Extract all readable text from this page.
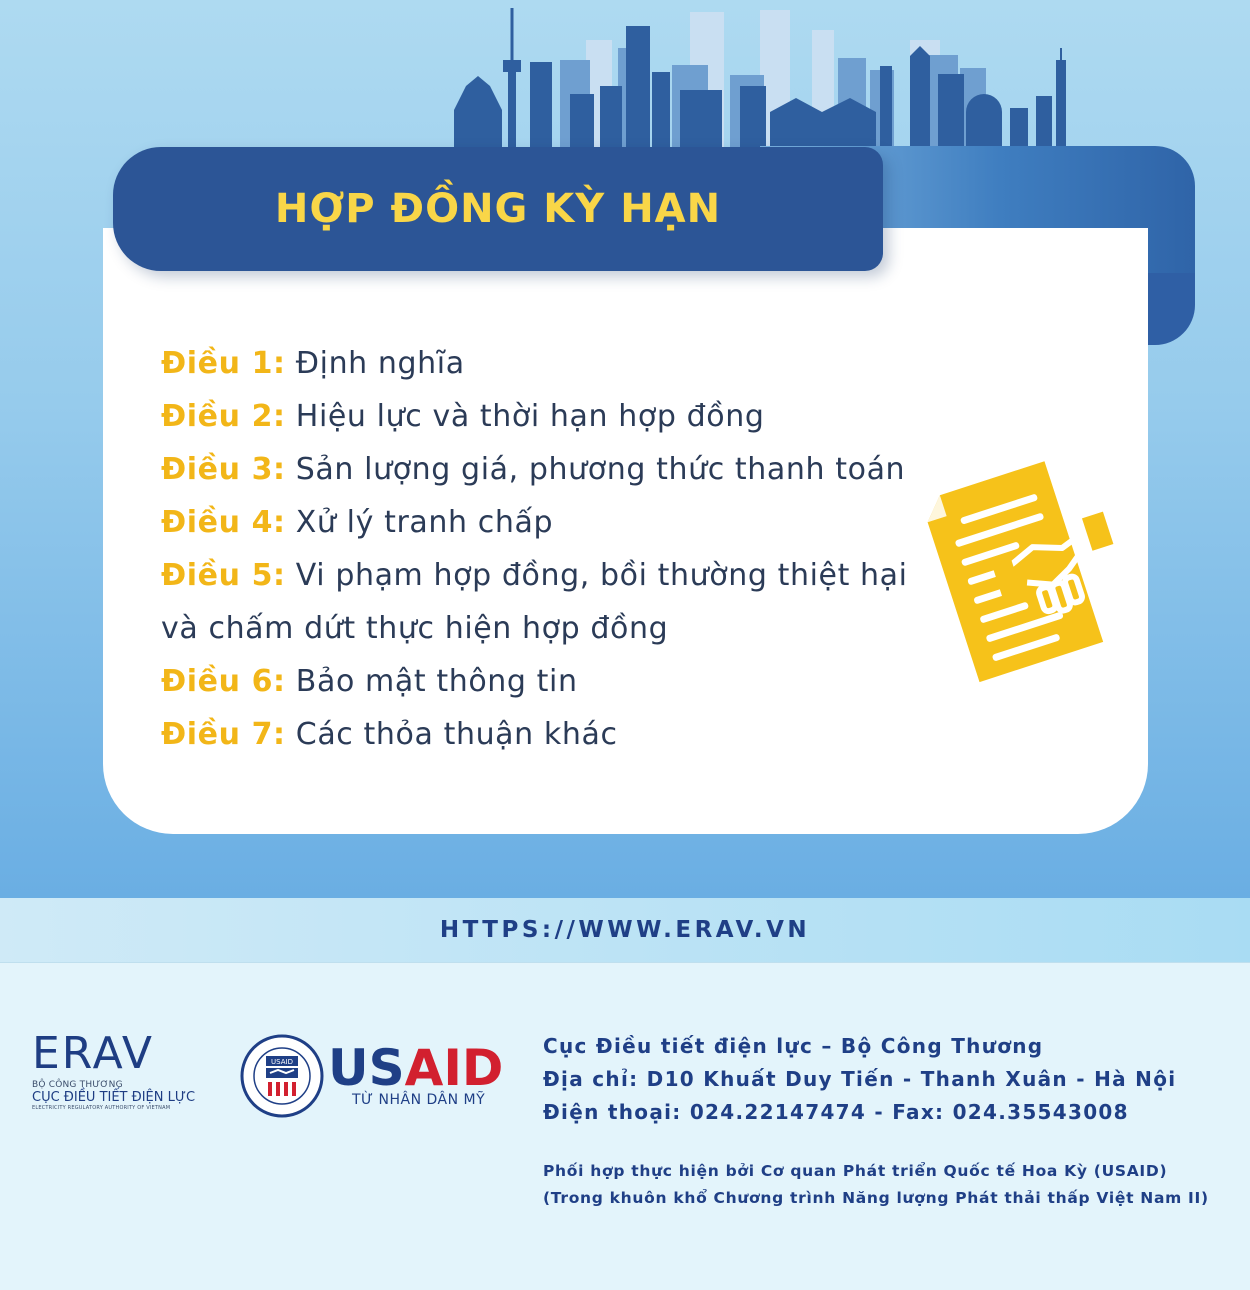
HỢP ĐỒNG KỲ HẠN
Điều 1: Định nghĩa
Điều 2: Hiệu lực và thời hạn hợp đồng
Điều 3: Sản lượng giá, phương thức thanh toán
Điều 4: Xử lý tranh chấp
Điều 5: Vi phạm hợp đồng, bồi thường thiệt hại và chấm dứt thực hiện hợp đồng
Điều 6: Bảo mật thông tin
Điều 7: Các thỏa thuận khác
HTTPS://WWW.ERAV.VN
ERAV
BỘ CÔNG THƯƠNG
CỤC ĐIỀU TIẾT ĐIỆN LỰC
ELECTRICITY REGULATORY AUTHORITY OF VIETNAM
USAID USAID
TỪ NHÂN DÂN MỸ
Cục Điều tiết điện lực – Bộ Công Thương
Địa chỉ: D10 Khuất Duy Tiến - Thanh Xuân - Hà Nội
Điện thoại: 024.22147474 - Fax: 024.35543008
Phối hợp thực hiện bởi Cơ quan Phát triển Quốc tế Hoa Kỳ (USAID)
(Trong khuôn khổ Chương trình Năng lượng Phát thải thấp Việt Nam II)
